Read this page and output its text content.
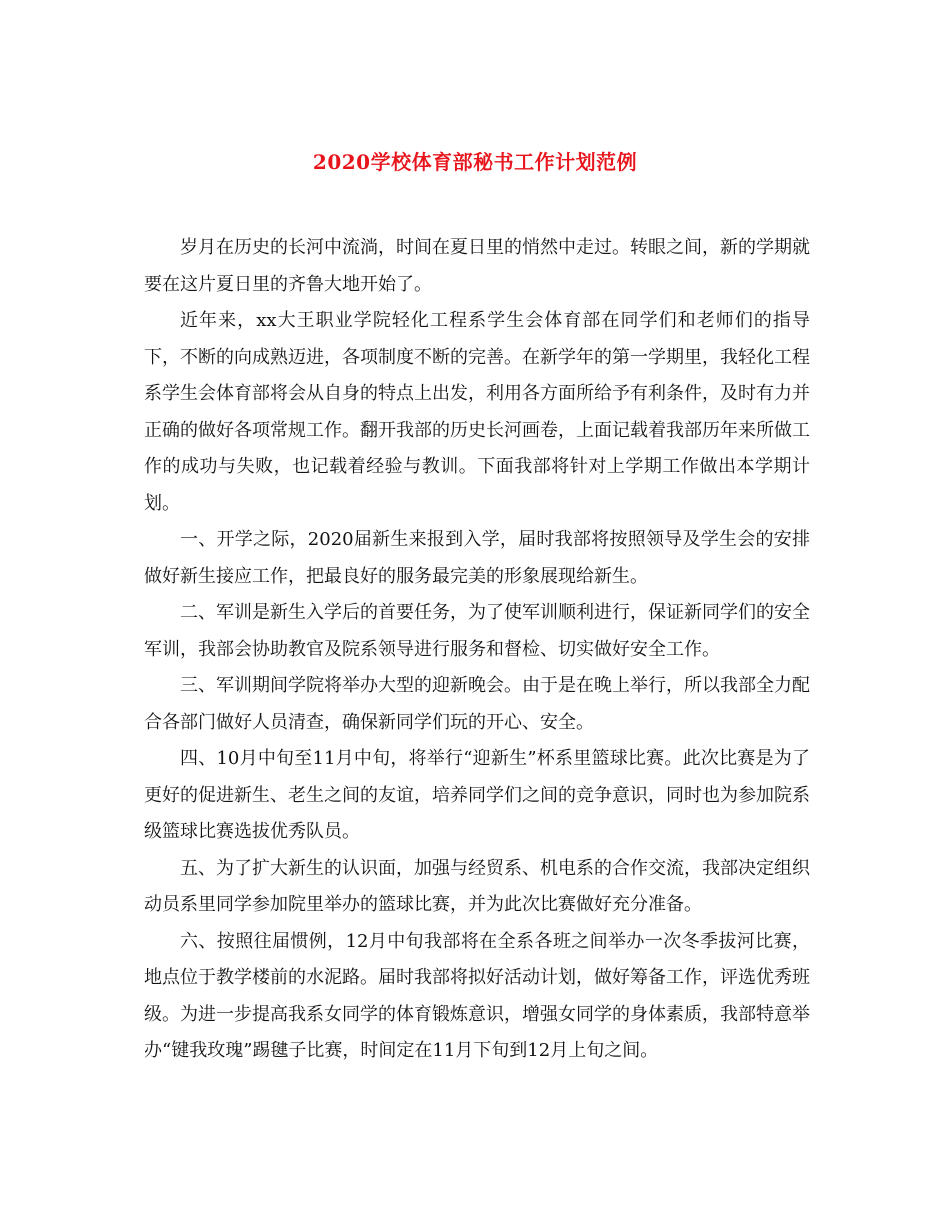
2020学校体育部秘书工作计划范例

岁月在历史的长河中流淌，时间在夏日里的悄然中走过。转眼之间，新的学期就要在这片夏日里的齐鲁大地开始了。

近年来，xx大王职业学院轻化工程系学生会体育部在同学们和老师们的指导下，不断的向成熟迈进，各项制度不断的完善。在新学年的第一学期里，我轻化工程系学生会体育部将会从自身的特点上出发，利用各方面所给予有利条件，及时有力并正确的做好各项常规工作。翻开我部的历史长河画卷，上面记载着我部历年来所做工作的成功与失败，也记载着经验与教训。下面我部将针对上学期工作做出本学期计划。

一、开学之际，2020届新生来报到入学，届时我部将按照领导及学生会的安排做好新生接应工作，把最良好的服务最完美的形象展现给新生。

二、军训是新生入学后的首要任务，为了使军训顺利进行，保证新同学们的安全军训，我部会协助教官及院系领导进行服务和督检、切实做好安全工作。

三、军训期间学院将举办大型的迎新晚会。由于是在晚上举行，所以我部全力配合各部门做好人员清查，确保新同学们玩的开心、安全。

四、10月中旬至11月中旬，将举行“迎新生”杯系里篮球比赛。此次比赛是为了更好的促进新生、老生之间的友谊，培养同学们之间的竞争意识，同时也为参加院系级篮球比赛选拔优秀队员。

五、为了扩大新生的认识面，加强与经贸系、机电系的合作交流，我部决定组织动员系里同学参加院里举办的篮球比赛，并为此次比赛做好充分准备。

六、按照往届惯例，12月中旬我部将在全系各班之间举办一次冬季拔河比赛，地点位于教学楼前的水泥路。届时我部将拟好活动计划，做好筹备工作，评选优秀班级。为进一步提高我系女同学的体育锻炼意识，增强女同学的身体素质，我部特意举办“键我玫瑰”踢毽子比赛，时间定在11月下旬到12月上旬之间。
